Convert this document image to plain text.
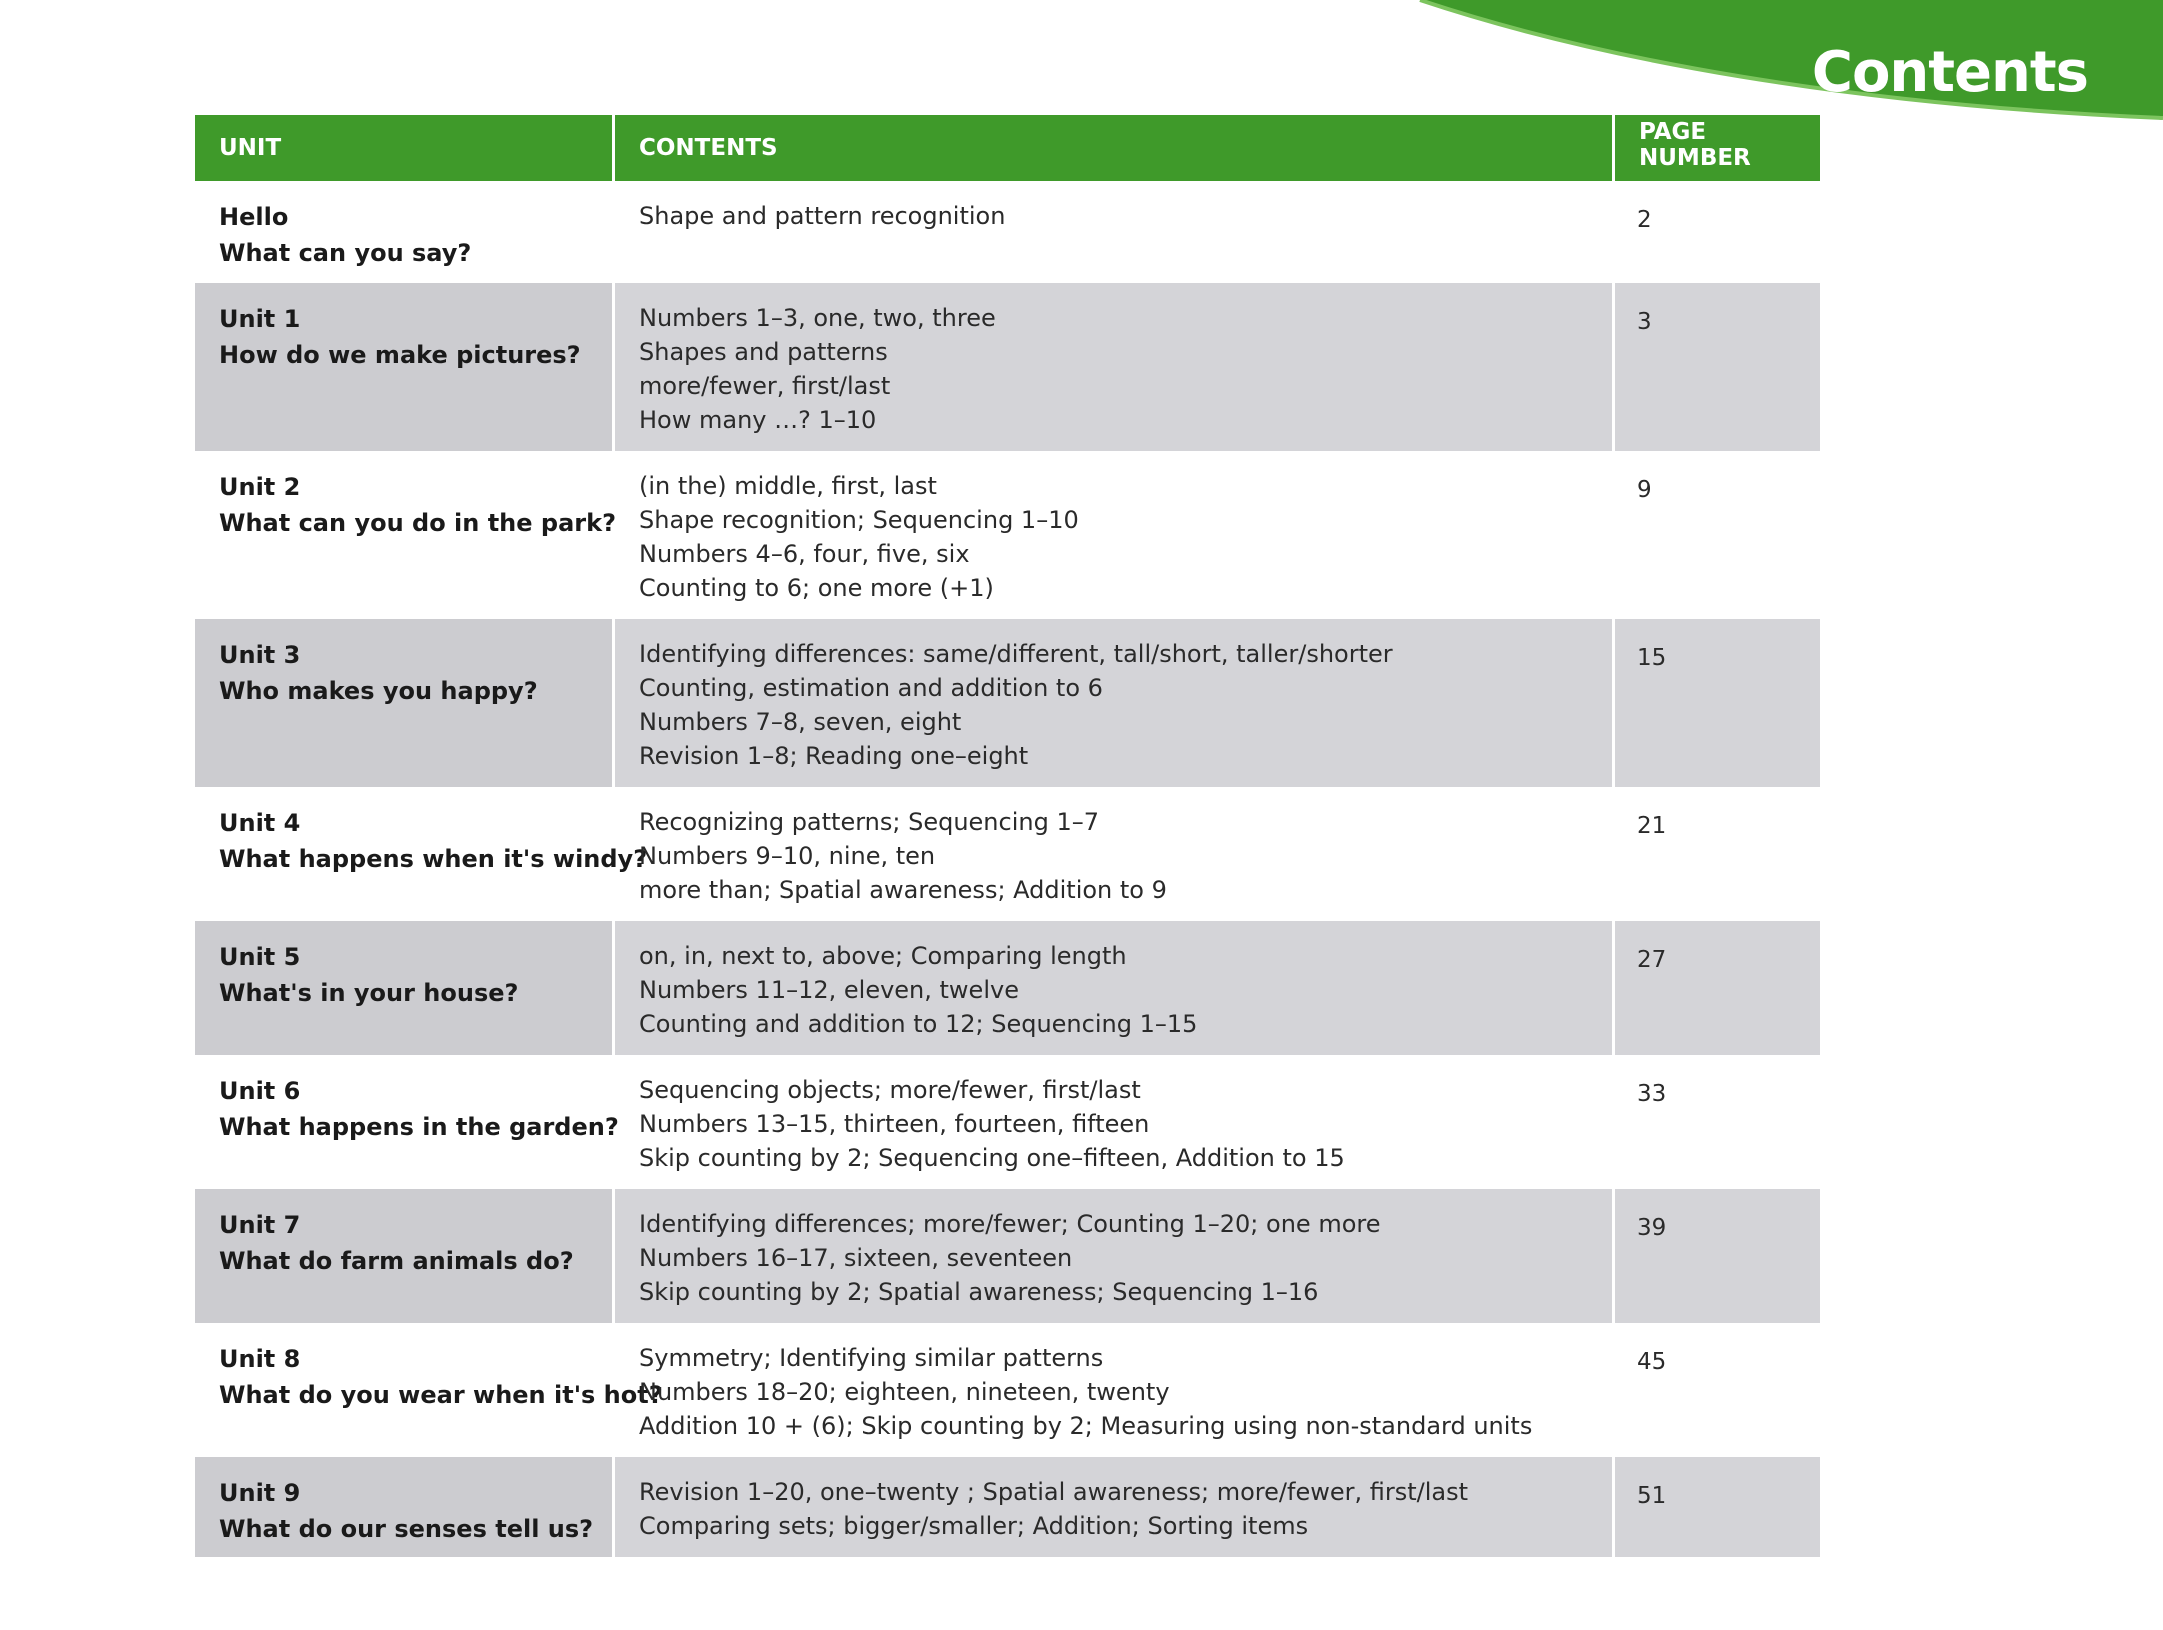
Contents
UNIT	CONTENTS
PAGE NUMBER
Hello
What can you say?
Shape and pattern recognition	2
Unit 1
How do we make pictures?
Numbers 1–3, one, two, three
Shapes and patterns
more/fewer, first/last
How many …? 1–10
3
Unit 2
What can you do in the park?
(in the) middle, first, last
Shape recognition; Sequencing 1–10
Numbers 4–6, four, five, six
Counting to 6; one more (+1)
9
Unit 3
Who makes you happy?
Identifying differences: same/different, tall/short, taller/shorter
Counting, estimation and addition to 6
Numbers 7–8, seven, eight
Revision 1–8; Reading one–eight
15
Unit 4
What happens when it's windy?
Recognizing patterns; Sequencing 1–7
Numbers 9–10, nine, ten
more than; Spatial awareness; Addition to 9
21
Unit 5
What's in your house?
on, in, next to, above; Comparing length
Numbers 11–12, eleven, twelve
Counting and addition to 12; Sequencing 1–15
27
Unit 6
What happens in the garden?
Sequencing objects; more/fewer, first/last
Numbers 13–15, thirteen, fourteen, fifteen
Skip counting by 2; Sequencing one–fifteen, Addition to 15
33
Unit 7
What do farm animals do?
Identifying differences; more/fewer; Counting 1–20; one more
Numbers 16–17, sixteen, seventeen
Skip counting by 2; Spatial awareness; Sequencing 1–16
39
Unit 8
What do you wear when it's hot?
Symmetry; Identifying similar patterns
Numbers 18–20; eighteen, nineteen, twenty
Addition 10 + (6); Skip counting by 2; Measuring using non-standard units
45
Unit 9
What do our senses tell us?
Revision 1–20, one–twenty ; Spatial awareness; more/fewer, first/last
Comparing sets; bigger/smaller; Addition; Sorting items
51
